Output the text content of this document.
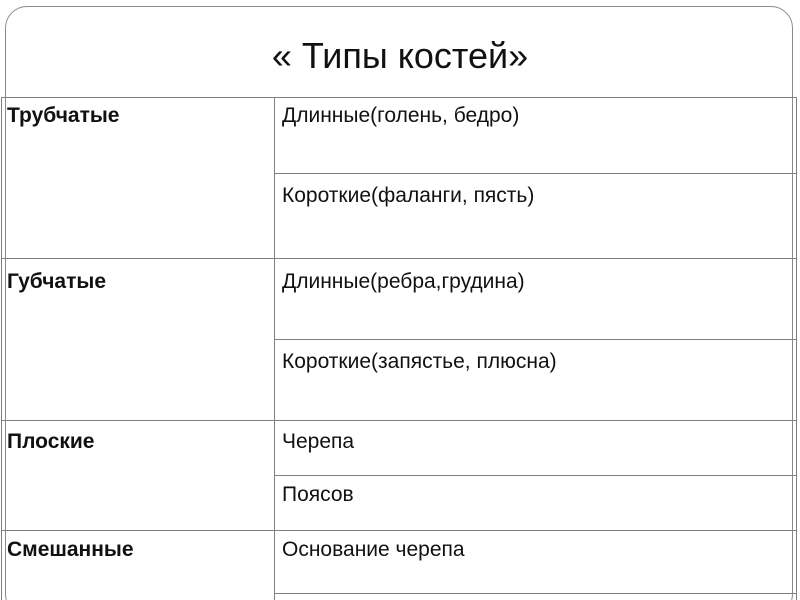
« Типы костей»
Трубчатые	Длинные(голень, бедро)
Короткие(фаланги, пясть)
Губчатые	Длинные(ребра,грудина)
Короткие(запястье, плюсна)
Плоские	Черепа
Поясов
Смешанные	Основание черепа
